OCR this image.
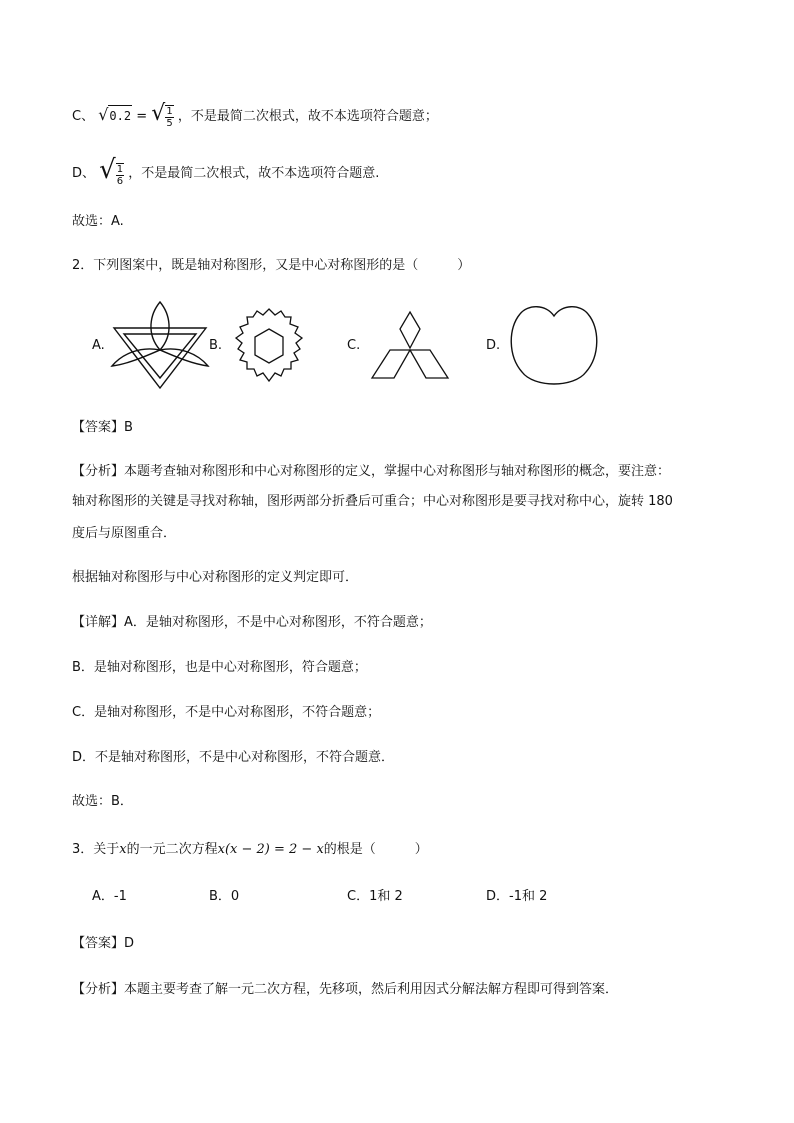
C、 √0.2 = √ $\frac{1}{5}$ ，不是最简二次根式，故不本选项符合题意；
D、 √ $\frac{1}{6}$ ，不是最简二次根式，故不本选项符合题意.
故选：A.
2．下列图案中，既是轴对称图形，又是中心对称图形的是（　　　）
A.	B.	C.	D.
【答案】B
【分析】本题考查轴对称图形和中心对称图形的定义，掌握中心对称图形与轴对称图形的概念，要注意：
轴对称图形的关键是寻找对称轴，图形两部分折叠后可重合；中心对称图形是要寻找对称中心，旋转 180
度后与原图重合．
根据轴对称图形与中心对称图形的定义判定即可．
【详解】A．是轴对称图形，不是中心对称图形，不符合题意；
B．是轴对称图形，也是中心对称图形，符合题意；
C．是轴对称图形，不是中心对称图形，不符合题意；
D．不是轴对称图形，不是中心对称图形，不符合题意．
故选：B．
3．关于x的一元二次方程x(x − 2) = 2 − x的根是（　　　）
A．-1	B．0	C．1和 2	D．-1和 2
【答案】D
【分析】本题主要考查了解一元二次方程，先移项，然后利用因式分解法解方程即可得到答案．
